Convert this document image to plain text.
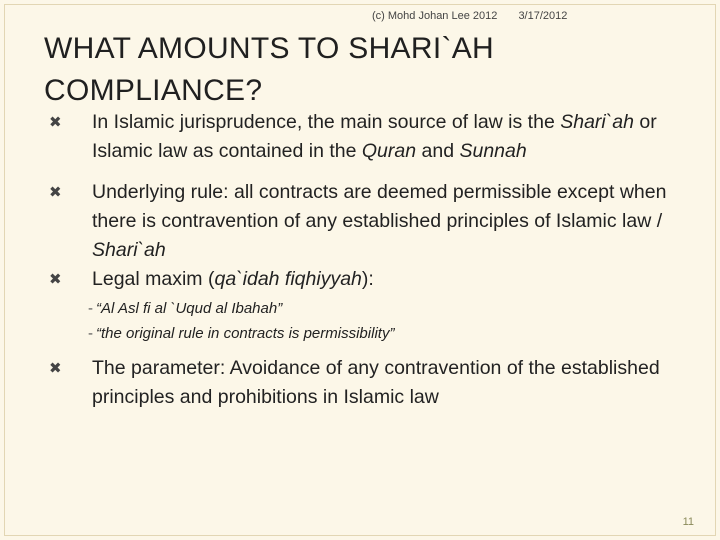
(c) Mohd Johan Lee 2012 3/17/2012
WHAT AMOUNTS TO SHARI`AH COMPLIANCE?
✖ In Islamic jurisprudence, the main source of law is the Shari`ah or Islamic law as contained in the Quran and Sunnah
✖ Underlying rule: all contracts are deemed permissible except when there is contravention of any established principles of Islamic law / Shari`ah
✖ Legal maxim (qa`idah fiqhiyyah):
- “Al Asl fi al `Uqud al Ibahah”
- “the original rule in contracts is permissibility”
✖ The parameter: Avoidance of any contravention of the established principles and prohibitions in Islamic law
11
